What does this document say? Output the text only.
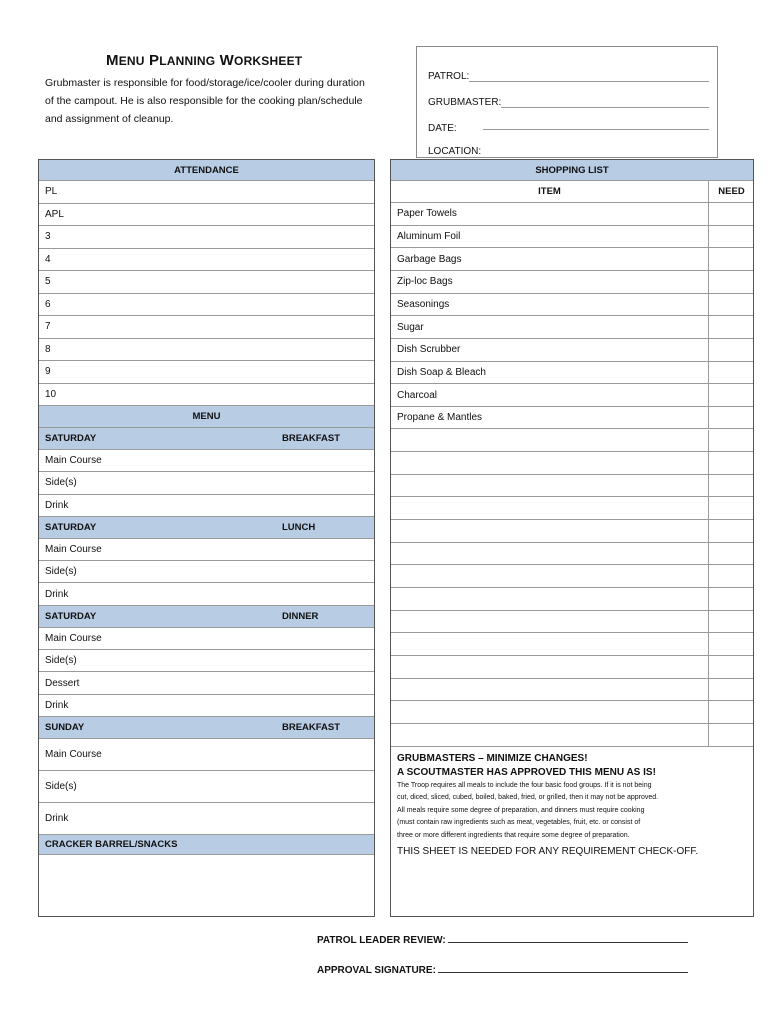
MENU PLANNING WORKSHEET
Grubmaster is responsible for food/storage/ice/cooler during duration
of the campout. He is also responsible for the cooking plan/schedule
and assignment of cleanup.
PATROL:
GRUBMASTER:
DATE:
LOCATION:
ATTENDANCE
PL
APL
3
4
5
6
7
8
9
10
MENU
SATURDAY	BREAKFAST
Main Course
Side(s)
Drink
SATURDAY	LUNCH
Main Course
Side(s)
Drink
SATURDAY	DINNER
Main Course
Side(s)
Dessert
Drink
SUNDAY	BREAKFAST
Main Course
Side(s)
Drink
CRACKER BARREL/SNACKS
SHOPPING LIST
ITEM	NEED
Paper Towels
Aluminum Foil
Garbage Bags
Zip-loc Bags
Seasonings
Sugar
Dish Scrubber
Dish Soap & Bleach
Charcoal
Propane & Mantles
GRUBMASTERS – MINIMIZE CHANGES!
A SCOUTMASTER HAS APPROVED THIS MENU AS IS!
The Troop requires all meals to include the four basic food groups. If it is not being
cut, diced, sliced, cubed, boiled, baked, fried, or grilled, then it may not be approved.
All meals require some degree of preparation, and dinners must require cooking
(must contain raw ingredients such as meat, vegetables, fruit, etc. or consist of
three or more different ingredients that require some degree of preparation.
THIS SHEET IS NEEDED FOR ANY REQUIREMENT CHECK-OFF.
PATROL LEADER REVIEW:
APPROVAL SIGNATURE:
